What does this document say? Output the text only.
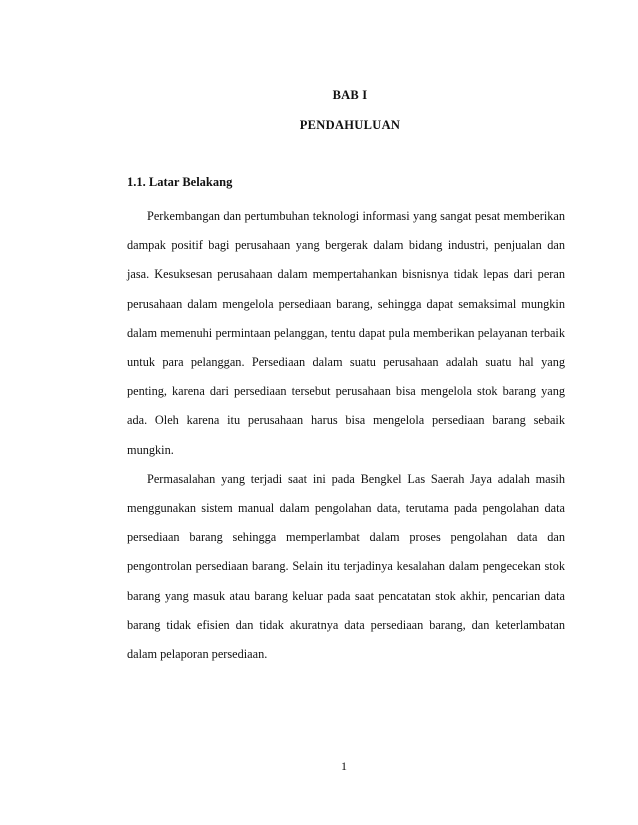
BAB I
PENDAHULUAN
1.1. Latar Belakang

Perkembangan dan pertumbuhan teknologi informasi yang sangat pesat memberikan dampak positif bagi perusahaan yang bergerak dalam bidang industri, penjualan dan jasa. Kesuksesan perusahaan dalam mempertahankan bisnisnya tidak lepas dari peran perusahaan dalam mengelola persediaan barang, sehingga dapat semaksimal mungkin dalam memenuhi permintaan pelanggan, tentu dapat pula memberikan pelayanan terbaik untuk para pelanggan. Persediaan dalam suatu perusahaan adalah suatu hal yang penting, karena dari persediaan tersebut perusahaan bisa mengelola stok barang yang ada. Oleh karena itu perusahaan harus bisa mengelola persediaan barang sebaik mungkin.

Permasalahan yang terjadi saat ini pada Bengkel Las Saerah Jaya adalah masih menggunakan sistem manual dalam pengolahan data, terutama pada pengolahan data persediaan barang sehingga memperlambat dalam proses pengolahan data dan pengontrolan persediaan barang. Selain itu terjadinya kesalahan dalam pengecekan stok barang yang masuk atau barang keluar pada saat pencatatan stok akhir, pencarian data barang tidak efisien dan tidak akuratnya data persediaan barang, dan keterlambatan dalam pelaporan persediaan.

1
